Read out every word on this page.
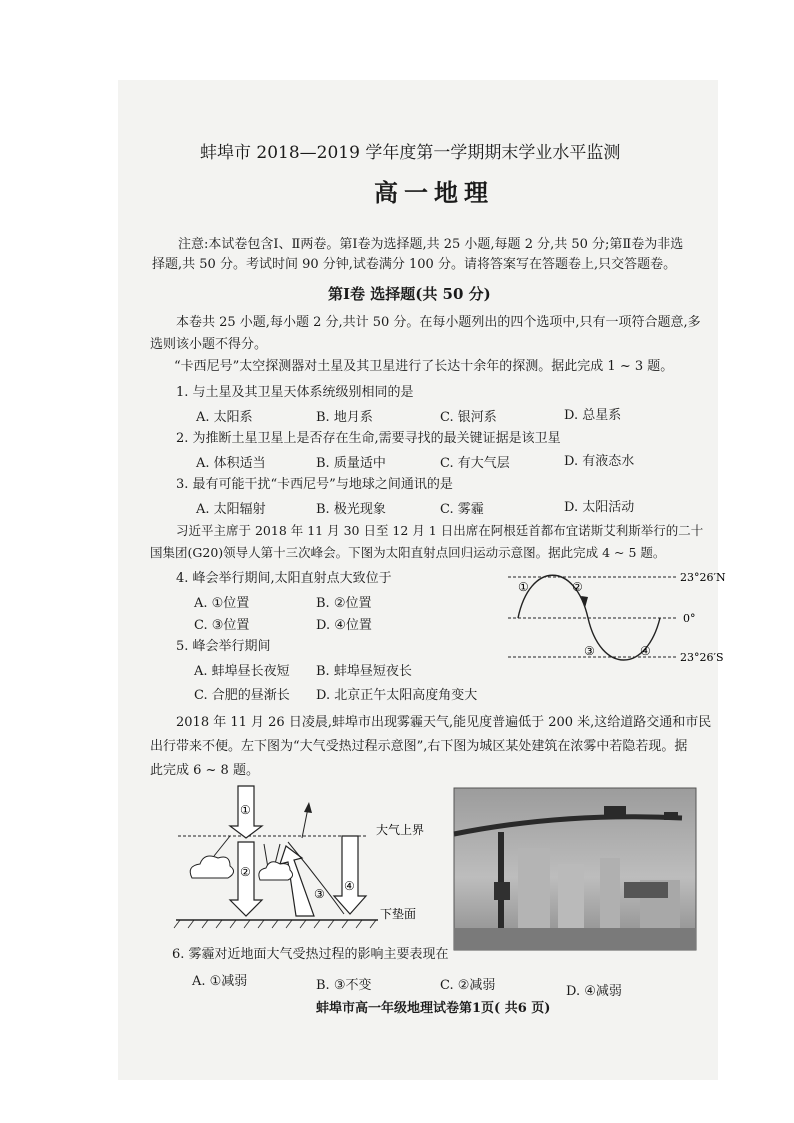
蚌埠市 2018—2019 学年度第一学期期末学业水平监测
高一地理
注意:本试卷包含Ⅰ、Ⅱ两卷。第Ⅰ卷为选择题,共 25 小题,每题 2 分,共 50 分;第Ⅱ卷为非选
择题,共 50 分。考试时间 90 分钟,试卷满分 100 分。请将答案写在答题卷上,只交答题卷。
第Ⅰ卷 选择题(共 50 分)
本卷共 25 小题,每小题 2 分,共计 50 分。在每小题列出的四个选项中,只有一项符合题意,多
选则该小题不得分。
“卡西尼号”太空探测器对土星及其卫星进行了长达十余年的探测。据此完成 1 ~ 3 题。
1. 与土星及其卫星天体系统级别相同的是
A. 太阳系	B. 地月系	C. 银河系	D. 总星系
2. 为推断土星卫星上是否存在生命,需要寻找的最关键证据是该卫星
A. 体积适当	B. 质量适中	C. 有大气层	D. 有液态水
3. 最有可能干扰“卡西尼号”与地球之间通讯的是
A. 太阳辐射	B. 极光现象	C. 雾霾	D. 太阳活动
习近平主席于 2018 年 11 月 30 日至 12 月 1 日出席在阿根廷首都布宜诺斯艾利斯举行的二十
国集团(G20)领导人第十三次峰会。下图为太阳直射点回归运动示意图。据此完成 4 ~ 5 题。
4. 峰会举行期间,太阳直射点大致位于
A. ①位置	B. ②位置
C. ③位置	D. ④位置
5. 峰会举行期间
A. 蚌埠昼长夜短 B. 蚌埠昼短夜长
C. 合肥的昼渐长 D. 北京正午太阳高度角变大
23°26′N
0°
23°26′S
①	②
③	④
2018 年 11 月 26 日凌晨,蚌埠市出现雾霾天气,能见度普遍低于 200 米,这给道路交通和市民
出行带来不便。左下图为“大气受热过程示意图”,右下图为城区某处建筑在浓雾中若隐若现。据
此完成 6 ~ 8 题。
①
②
③
④
大气上界
下垫面
6. 雾霾对近地面大气受热过程的影响主要表现在
A. ①减弱	B. ③不变	C. ②减弱	D. ④减弱
蚌埠市高一年级地理试卷第1页( 共6 页)
